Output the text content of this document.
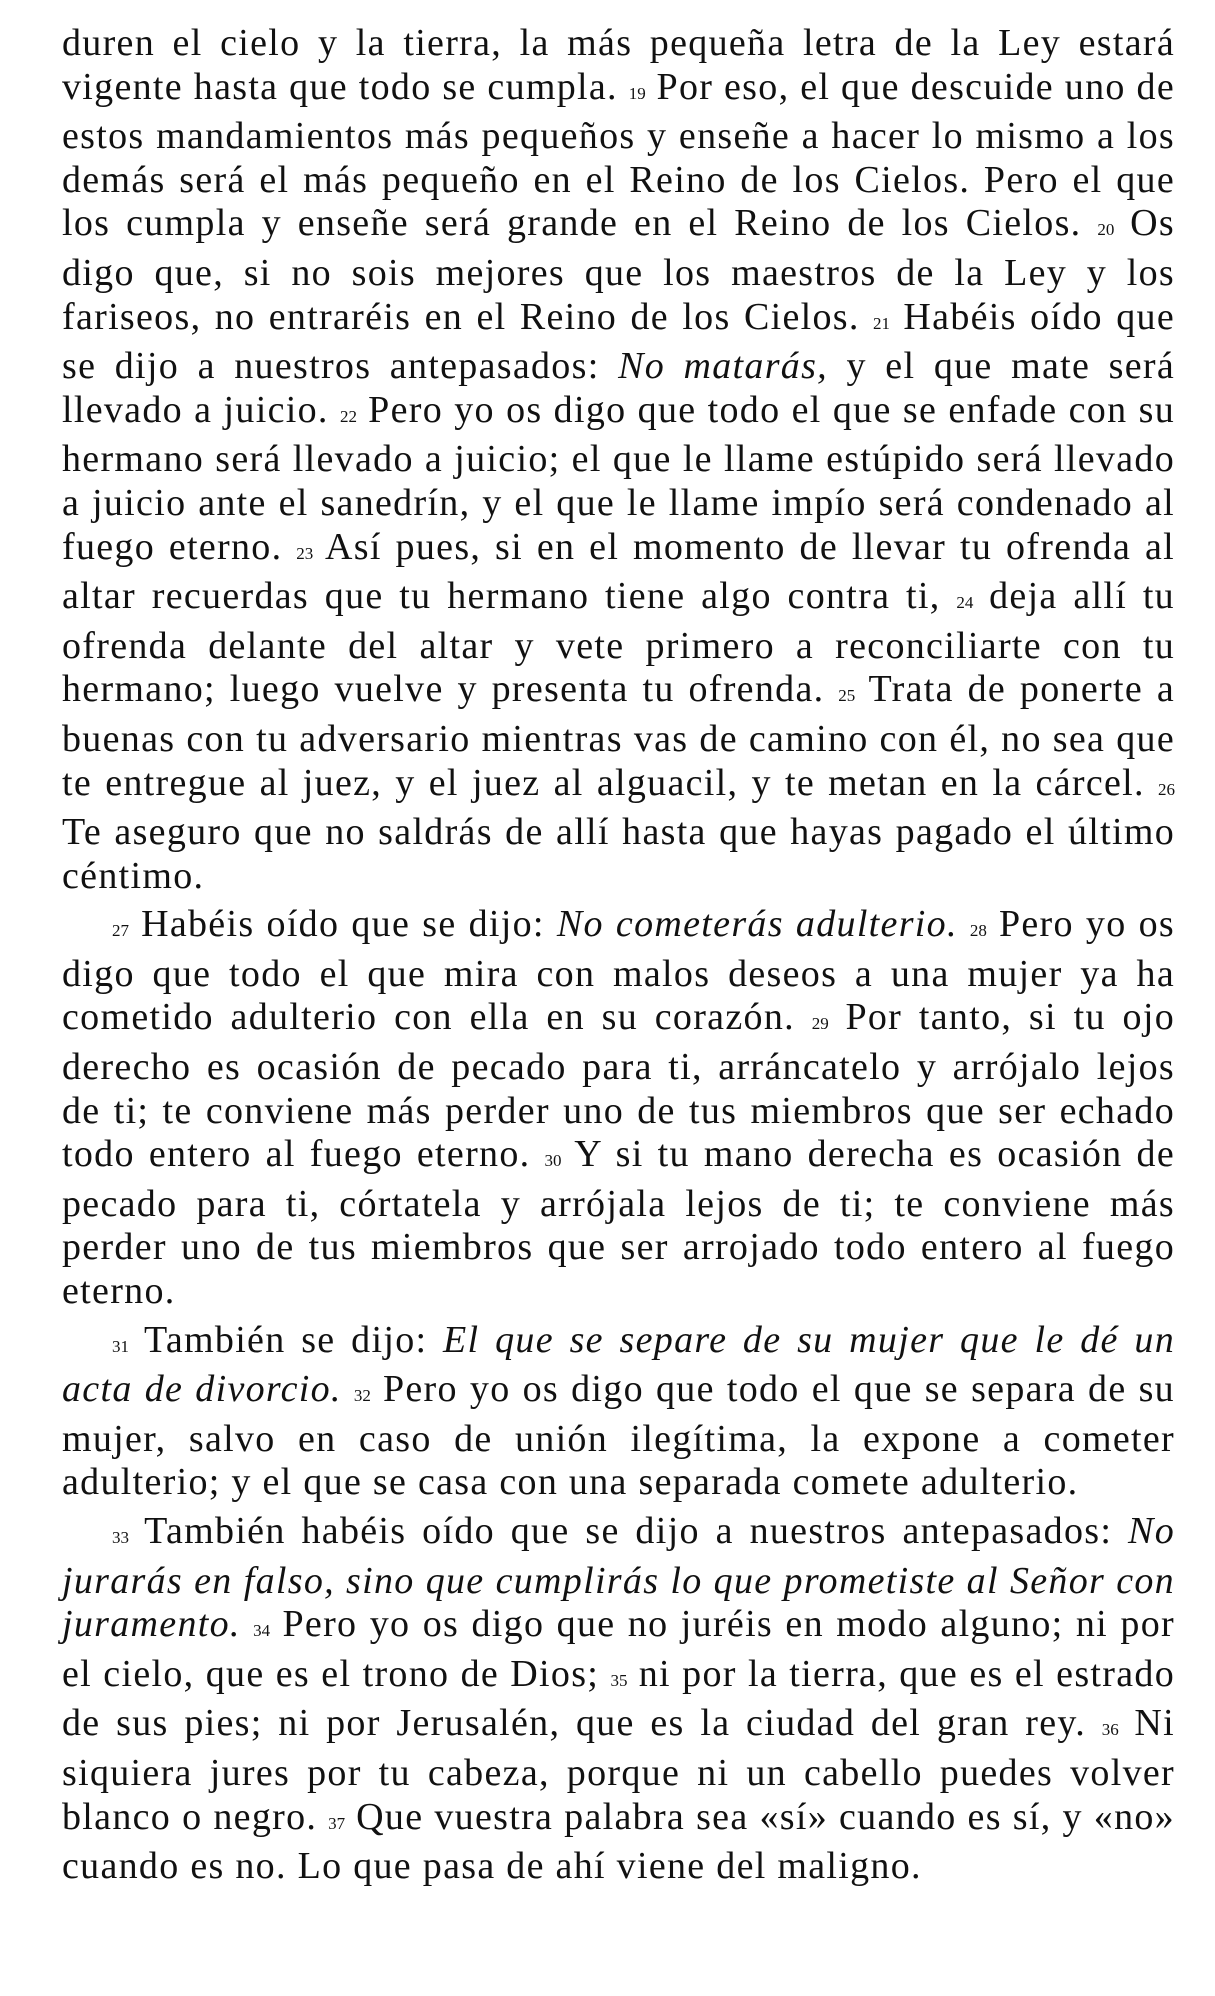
duren el cielo y la tierra, la más pequeña letra de la Ley estará vigente hasta que todo se cumpla. 19 Por eso, el que descuide uno de estos mandamientos más pequeños y enseñe a hacer lo mismo a los demás será el más pequeño en el Reino de los Cielos. Pero el que los cumpla y enseñe será grande en el Reino de los Cielos. 20 Os digo que, si no sois mejores que los maestros de la Ley y los fariseos, no entraréis en el Reino de los Cielos. 21 Habéis oído que se dijo a nuestros antepasados: No matarás, y el que mate será llevado a juicio. 22 Pero yo os digo que todo el que se enfade con su hermano será llevado a juicio; el que le llame estúpido será llevado a juicio ante el sanedrín, y el que le llame impío será condenado al fuego eterno. 23 Así pues, si en el momento de llevar tu ofrenda al altar recuerdas que tu hermano tiene algo contra ti, 24 deja allí tu ofrenda delante del altar y vete primero a reconciliarte con tu hermano; luego vuelve y presenta tu ofrenda. 25 Trata de ponerte a buenas con tu adversario mientras vas de camino con él, no sea que te entregue al juez, y el juez al alguacil, y te metan en la cárcel. 26 Te aseguro que no saldrás de allí hasta que hayas pagado el último céntimo.

27 Habéis oído que se dijo: No cometerás adulterio. 28 Pero yo os digo que todo el que mira con malos deseos a una mujer ya ha cometido adulterio con ella en su corazón. 29 Por tanto, si tu ojo derecho es ocasión de pecado para ti, arráncatelo y arrójalo lejos de ti; te conviene más perder uno de tus miembros que ser echado todo entero al fuego eterno. 30 Y si tu mano derecha es ocasión de pecado para ti, córtatela y arrójala lejos de ti; te conviene más perder uno de tus miembros que ser arrojado todo entero al fuego eterno.

31 También se dijo: El que se separe de su mujer que le dé un acta de divorcio. 32 Pero yo os digo que todo el que se separa de su mujer, salvo en caso de unión ilegítima, la expone a cometer adulterio; y el que se casa con una separada comete adulterio.

33 También habéis oído que se dijo a nuestros antepasados: No jurarás en falso, sino que cumplirás lo que prometiste al Señor con juramento. 34 Pero yo os digo que no juréis en modo alguno; ni por el cielo, que es el trono de Dios; 35 ni por la tierra, que es el estrado de sus pies; ni por Jerusalén, que es la ciudad del gran rey. 36 Ni siquiera jures por tu cabeza, porque ni un cabello puedes volver blanco o negro. 37 Que vuestra palabra sea «sí» cuando es sí, y «no» cuando es no. Lo que pasa de ahí viene del maligno.
